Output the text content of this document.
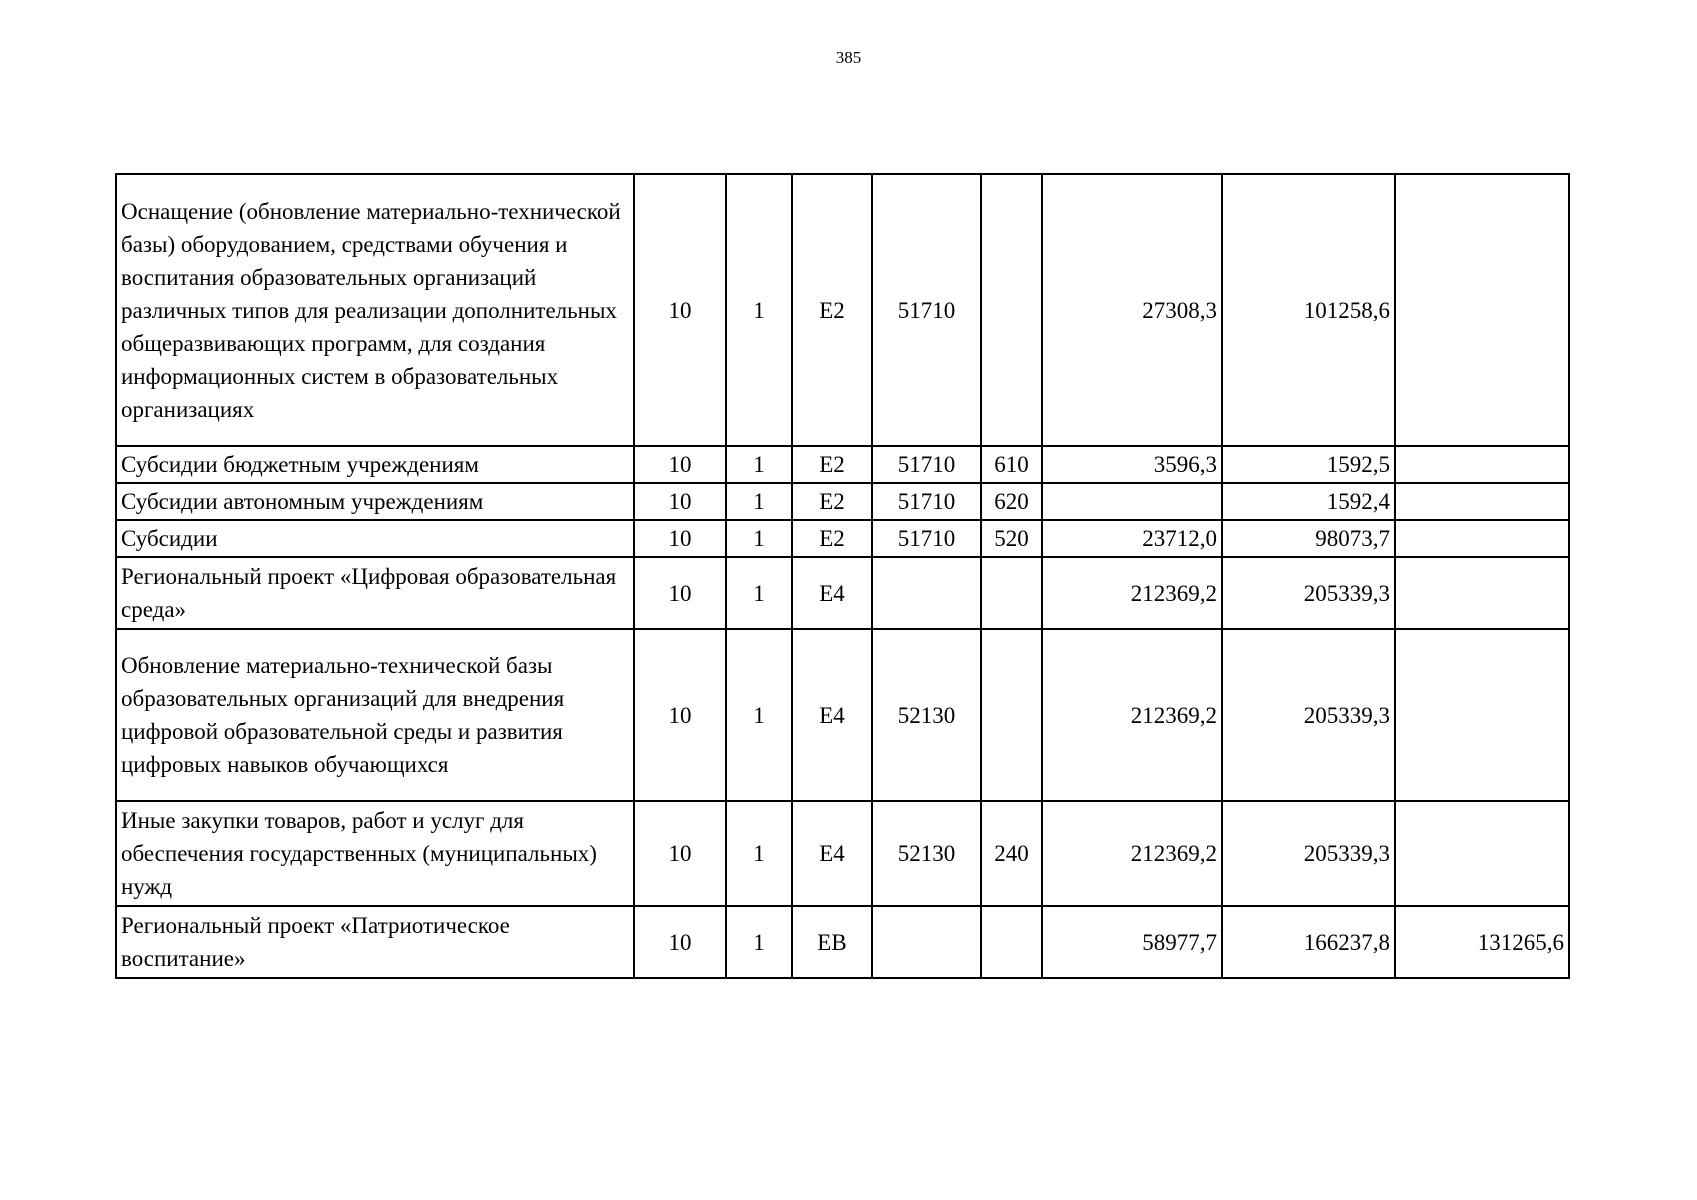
385
Оснащение (обновление материально-технической базы) оборудованием, средствами обучения и воспитания образовательных организаций различных типов для реализации дополнительных общеразвивающих программ, для создания информационных систем в образовательных организациях	10	1	E2	51710		27308,3	101258,6	
Субсидии бюджетным учреждениям	10	1	E2	51710	610	3596,3	1592,5	
Субсидии автономным учреждениям	10	1	E2	51710	620		1592,4	
Субсидии	10	1	E2	51710	520	23712,0	98073,7	
Региональный проект «Цифровая образовательная среда»	10	1	E4			212369,2	205339,3	
Обновление материально-технической базы образовательных организаций для внедрения цифровой образовательной среды и развития цифровых навыков обучающихся	10	1	E4	52130		212369,2	205339,3	
Иные закупки товаров, работ и услуг для обеспечения государственных (муниципальных) нужд	10	1	E4	52130	240	212369,2	205339,3	
Региональный проект «Патриотическое воспитание»	10	1	EB			58977,7	166237,8	131265,6
